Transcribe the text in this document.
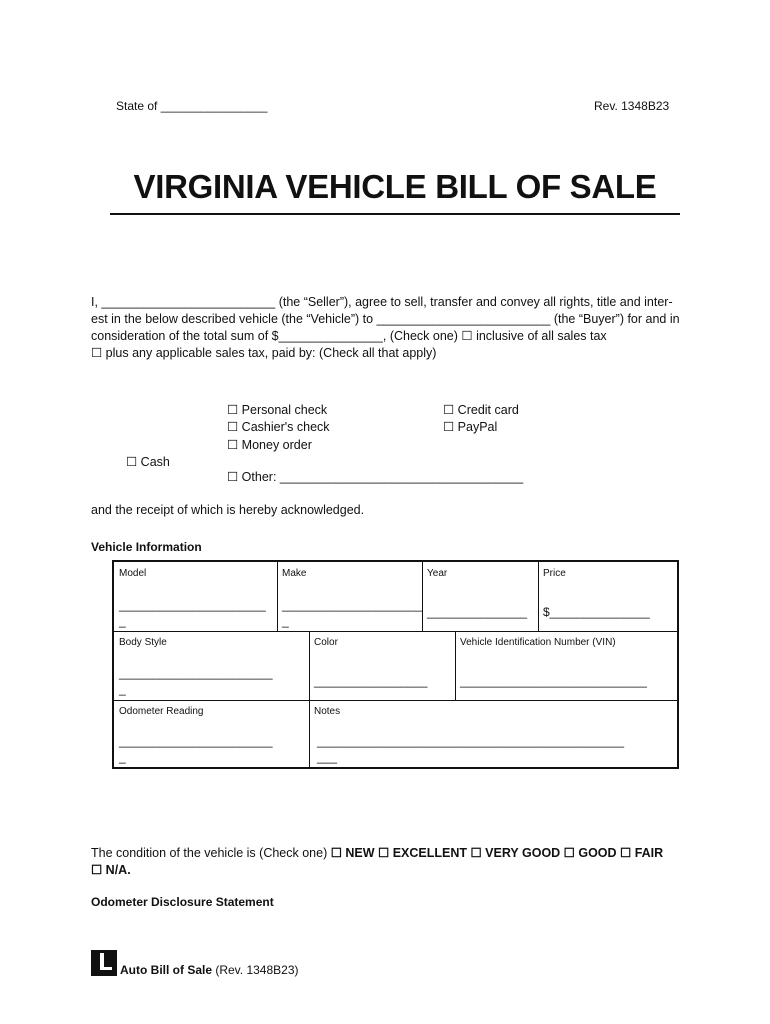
State of ________________	Rev. 1348B23
VIRGINIA VEHICLE BILL OF SALE
I, _________________________ (the “Seller”), agree to sell, transfer and convey all rights, title and inter-
est in the below described vehicle (the “Vehicle”) to _________________________ (the “Buyer”) for and in
consideration of the total sum of $_______________, (Check one) ☐ inclusive of all sales tax
☐ plus any applicable sales tax, paid by: (Check all that apply)
☐ Personal check
☐ Cashier's check
☐ Money order
☐ Credit card
☐ PayPal
☐ Cash
☐ Other: ___________________________________
and the receipt of which is hereby acknowledged.
Vehicle Information
Model
______________________
_
Make
_____________________
_
Year
_______________
Price
$_______________
Body Style
_______________________
_
Color
_________________
Vehicle Identification Number (VIN)
____________________________
Odometer Reading
_______________________
_
Notes
______________________________________________
___
The condition of the vehicle is (Check one) ☐ NEW ☐ EXCELLENT ☐ VERY GOOD ☐ GOOD ☐ FAIR
☐ N/A.
Odometer Disclosure Statement
Auto Bill of Sale (Rev. 1348B23)
